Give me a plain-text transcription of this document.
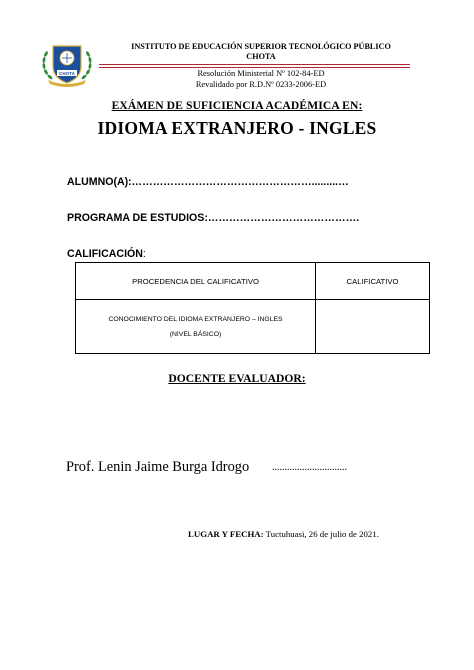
CHOTA
INSTITUTO DE EDUCACIÓN SUPERIOR TECNOLÓGICO PÚBLICO
CHOTA
Resolución Ministerial Nº 102-84-ED
Revalidado por R.D.Nº 0233-2006-ED
EXÁMEN DE SUFICIENCIA ACADÉMICA EN:
IDIOMA EXTRANJERO - INGLES
ALUMNO(A) :…………………………………………….........…
PROGRAMA DE ESTUDIOS:…………………………………….
CALIFICACIÓN:
PROCEDENCIA DEL CALIFICATIVO	CALIFICATIVO

CONOCIMIENTO DEL IDIOMA EXTRANJERO – INGLES
(NIVEL BÁSICO)	

DOCENTE EVALUADOR:
Prof. Lenin Jaime Burga Idrogo ..............................
LUGAR Y FECHA: Tuctuhuasi, 26 de julio de 2021.
